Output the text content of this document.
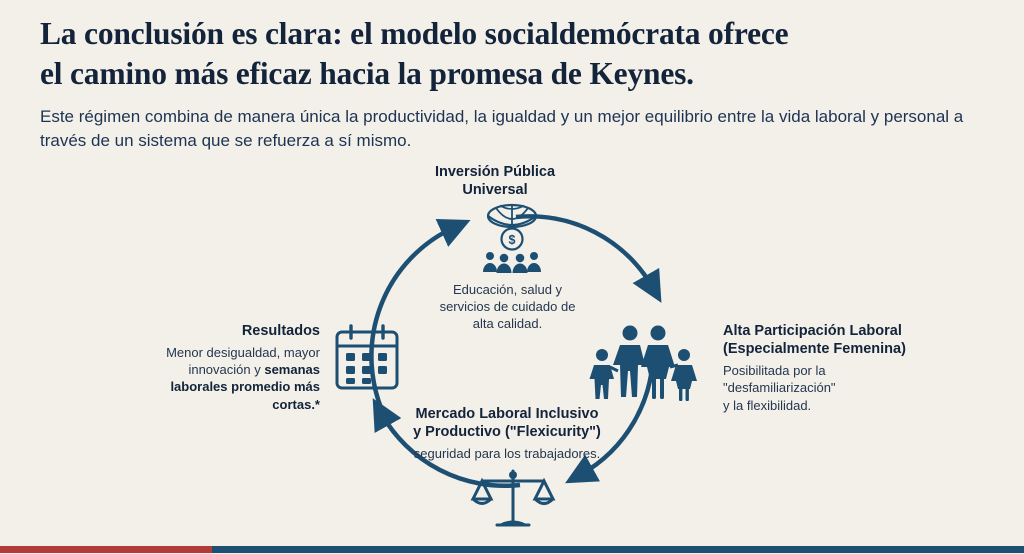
La conclusión es clara: el modelo socialdemócrata ofrece
el camino más eficaz hacia la promesa de Keynes.

Este régimen combina de manera única la productividad, la igualdad y un mejor equilibrio entre la vida laboral y personal a través de un sistema que se refuerza a sí mismo.

Inversión Pública
Universal
$
Educación, salud y
servicios de cuidado de
alta calidad.	Alta Participación Laboral
(Especialmente Femenina)
Posibilitada por la
"desfamiliarización"
y la flexibilidad.
Mercado Laboral Inclusivo
y Productivo ("Flexicurity")
seguridad para los trabajadores.
Resultados
Menor desigualdad, mayor
innovación y semanas
laborales promedio más
cortas.*
